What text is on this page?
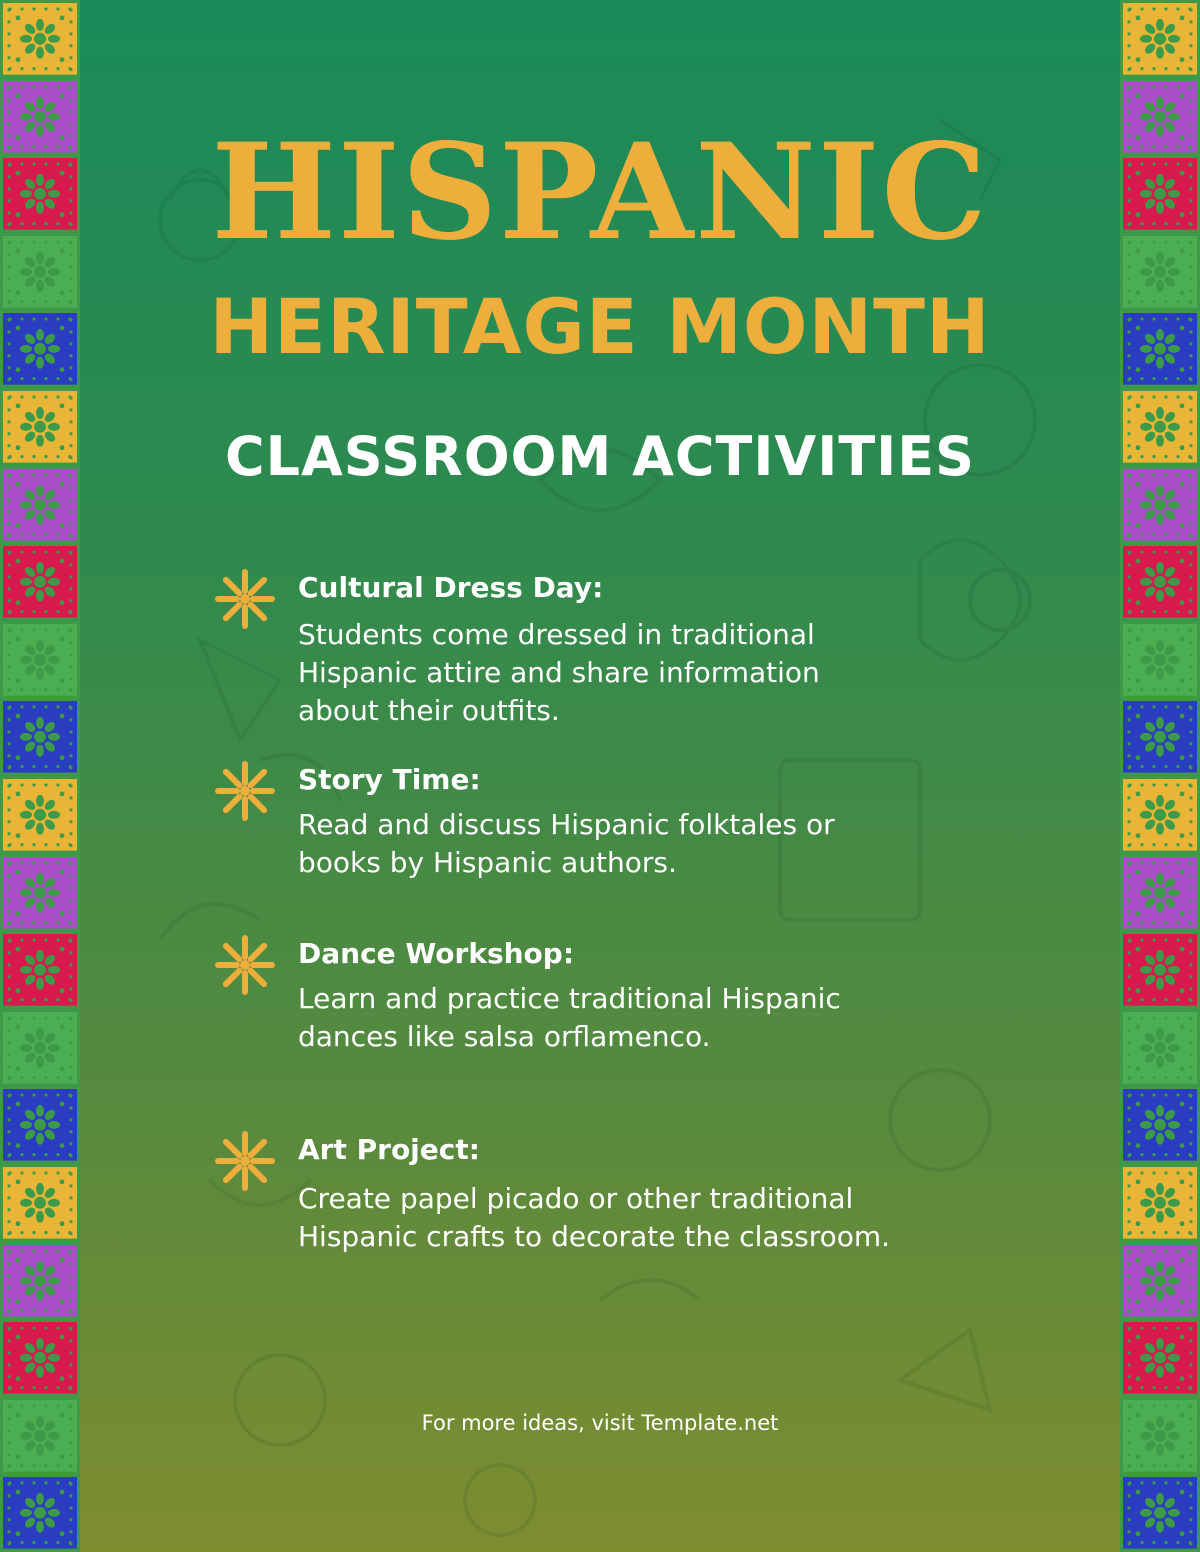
HISPANIC
HERITAGE MONTH
CLASSROOM ACTIVITIES
Cultural Dress Day:
Students come dressed in traditional
Hispanic attire and share information
about their outfits.
Story Time:
Read and discuss Hispanic folktales or
books by Hispanic authors.
Dance Workshop:
Learn and practice traditional Hispanic
dances like salsa orflamenco.
Art Project:
Create papel picado or other traditional
Hispanic crafts to decorate the classroom.
For more ideas, visit Template.net
